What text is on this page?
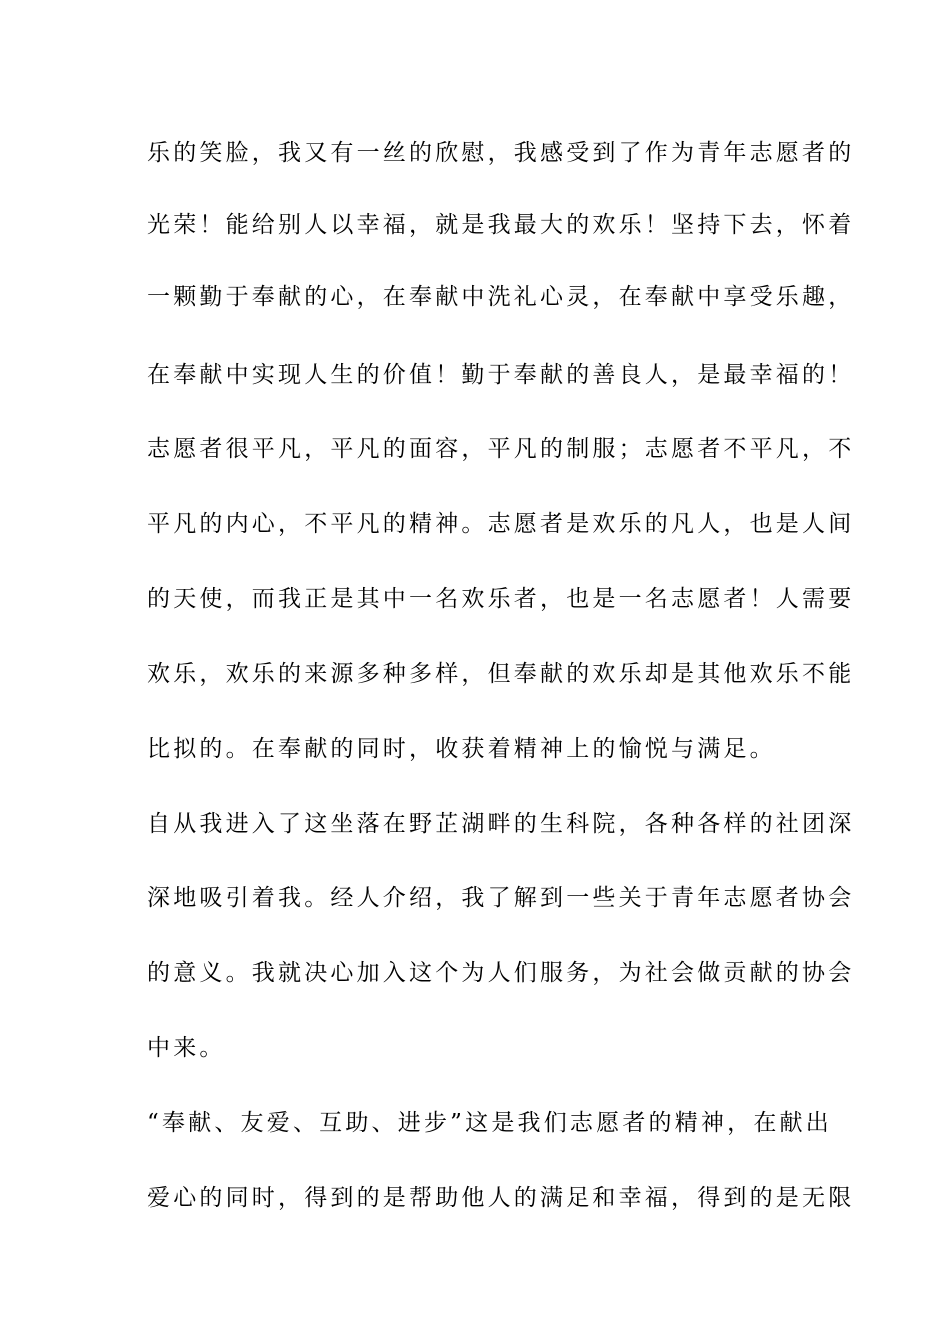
乐的笑脸，我又有一丝的欣慰，我感受到了作为青年志愿者的
光荣！能给别人以幸福，就是我最大的欢乐！坚持下去，怀着
一颗勤于奉献的心，在奉献中洗礼心灵，在奉献中享受乐趣，
在奉献中实现人生的价值！勤于奉献的善良人，是最幸福的！
志愿者很平凡，平凡的面容，平凡的制服；志愿者不平凡，不
平凡的内心，不平凡的精神。志愿者是欢乐的凡人，也是人间
的天使，而我正是其中一名欢乐者，也是一名志愿者！人需要
欢乐，欢乐的来源多种多样，但奉献的欢乐却是其他欢乐不能
比拟的。在奉献的同时，收获着精神上的愉悦与满足。
自从我进入了这坐落在野芷湖畔的生科院，各种各样的社团深
深地吸引着我。经人介绍，我了解到一些关于青年志愿者协会
的意义。我就决心加入这个为人们服务，为社会做贡献的协会
中来。
“奉献、友爱、互助、进步”这是我们志愿者的精神，在献出
爱心的同时，得到的是帮助他人的满足和幸福，得到的是无限
